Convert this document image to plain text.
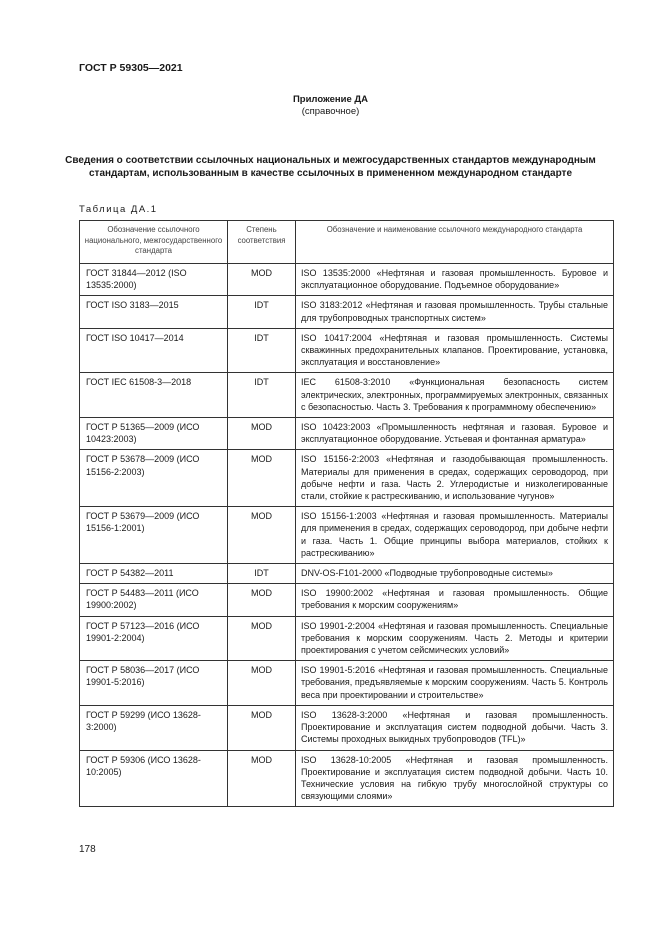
ГОСТ Р 59305—2021
Приложение ДА
(справочное)
Сведения о соответствии ссылочных национальных и межгосударственных стандартов международным стандартам, использованным в качестве ссылочных в примененном международном стандарте
Таблица ДА.1
Обозначение ссылочного национального, межгосударственного стандарта	Степень соответствия	Обозначение и наименование ссылочного международного стандарта
ГОСТ 31844—2012 (ISO 13535:2000)	MOD	ISO 13535:2000 «Нефтяная и газовая промышленность. Буровое и эксплуатационное оборудование. Подъемное оборудование»
ГОСТ ISO 3183—2015	IDT	ISO 3183:2012 «Нефтяная и газовая промышленность. Трубы стальные для трубопроводных транспортных систем»
ГОСТ ISO 10417—2014	IDT	ISO 10417:2004 «Нефтяная и газовая промышленность. Системы скважинных предохранительных клапанов. Проектирование, установка, эксплуатация и восстановление»
ГОСТ IEC 61508-3—2018	IDT	IEC 61508-3:2010 «Функциональная безопасность систем электрических, электронных, программируемых электронных, связанных с безопасностью. Часть 3. Требования к программному обеспечению»
ГОСТ Р 51365—2009 (ИСО 10423:2003)	MOD	ISO 10423:2003 «Промышленность нефтяная и газовая. Буровое и эксплуатационное оборудование. Устьевая и фонтанная арматура»
ГОСТ Р 53678—2009 (ИСО 15156-2:2003)	MOD	ISO 15156-2:2003 «Нефтяная и газодобывающая промышленность. Материалы для применения в средах, содержащих сероводород, при добыче нефти и газа. Часть 2. Углеродистые и низколегированные стали, стойкие к растрескиванию, и использование чугунов»
ГОСТ Р 53679—2009 (ИСО 15156-1:2001)	MOD	ISO 15156-1:2003 «Нефтяная и газовая промышленность. Материалы для применения в средах, содержащих сероводород, при добыче нефти и газа. Часть 1. Общие принципы выбора материалов, стойких к растрескиванию»
ГОСТ Р 54382—2011	IDT	DNV-OS-F101-2000 «Подводные трубопроводные системы»
ГОСТ Р 54483—2011 (ИСО 19900:2002)	MOD	ISO 19900:2002 «Нефтяная и газовая промышленность. Общие требования к морским сооружениям»
ГОСТ Р 57123—2016 (ИСО 19901-2:2004)	MOD	ISO 19901-2:2004 «Нефтяная и газовая промышленность. Специальные требования к морским сооружениям. Часть 2. Методы и критерии проектирования с учетом сейсмических условий»
ГОСТ Р 58036—2017 (ИСО 19901-5:2016)	MOD	ISO 19901-5:2016 «Нефтяная и газовая промышленность. Специальные требования, предъявляемые к морским сооружениям. Часть 5. Контроль веса при проектировании и строительстве»
ГОСТ Р 59299 (ИСО 13628-3:2000)	MOD	ISO 13628-3:2000 «Нефтяная и газовая промышленность. Проектирование и эксплуатация систем подводной добычи. Часть 3. Системы проходных выкидных трубопроводов (TFL)»
ГОСТ Р 59306 (ИСО 13628-10:2005)	MOD	ISO 13628-10:2005 «Нефтяная и газовая промышленность. Проектирование и эксплуатация систем подводной добычи. Часть 10. Технические условия на гибкую трубу многослойной структуры со связующими слоями»
178
